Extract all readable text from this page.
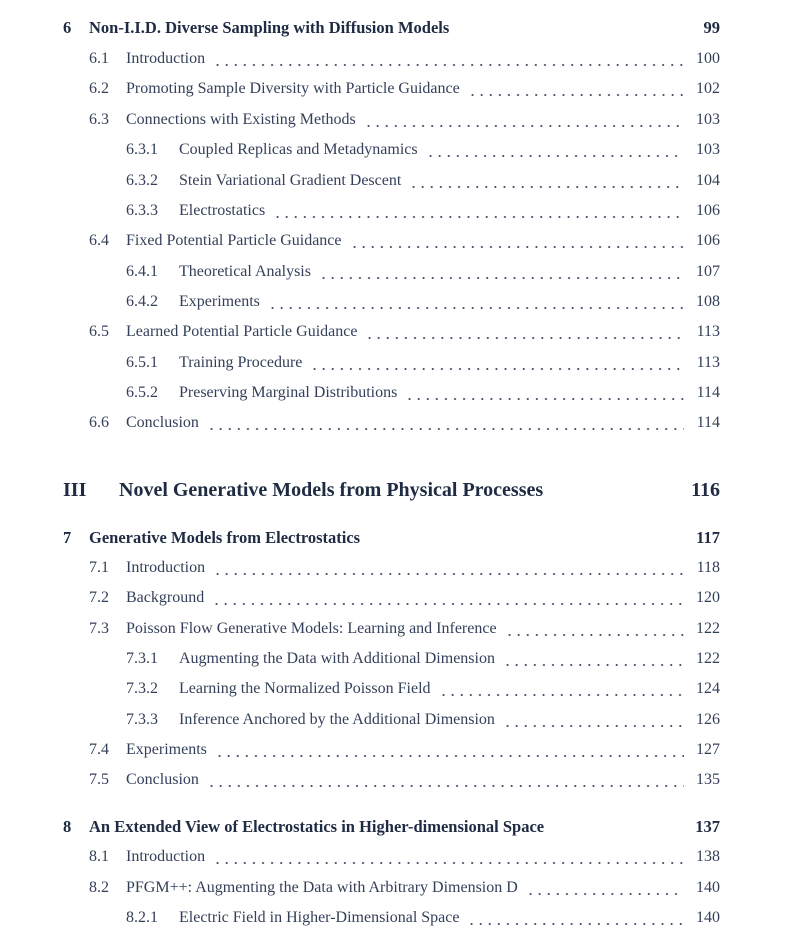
6 Non-I.I.D. Diverse Sampling with Diffusion Models	99
6.1 Introduction	100
6.2 Promoting Sample Diversity with Particle Guidance	102
6.3 Connections with Existing Methods	103
6.3.1 Coupled Replicas and Metadynamics	103
6.3.2 Stein Variational Gradient Descent	104
6.3.3 Electrostatics	106
6.4 Fixed Potential Particle Guidance	106
6.4.1 Theoretical Analysis	107
6.4.2 Experiments	108
6.5 Learned Potential Particle Guidance	113
6.5.1 Training Procedure	113
6.5.2 Preserving Marginal Distributions	114
6.6 Conclusion	114
III Novel Generative Models from Physical Processes	116
7 Generative Models from Electrostatics	117
7.1 Introduction	118
7.2 Background	120
7.3 Poisson Flow Generative Models: Learning and Inference	122
7.3.1 Augmenting the Data with Additional Dimension	122
7.3.2 Learning the Normalized Poisson Field	124
7.3.3 Inference Anchored by the Additional Dimension	126
7.4 Experiments	127
7.5 Conclusion	135
8 An Extended View of Electrostatics in Higher-dimensional Space	137
8.1 Introduction	138
8.2 PFGM++: Augmenting the Data with Arbitrary Dimension D	140
8.2.1 Electric Field in Higher-Dimensional Space	140
